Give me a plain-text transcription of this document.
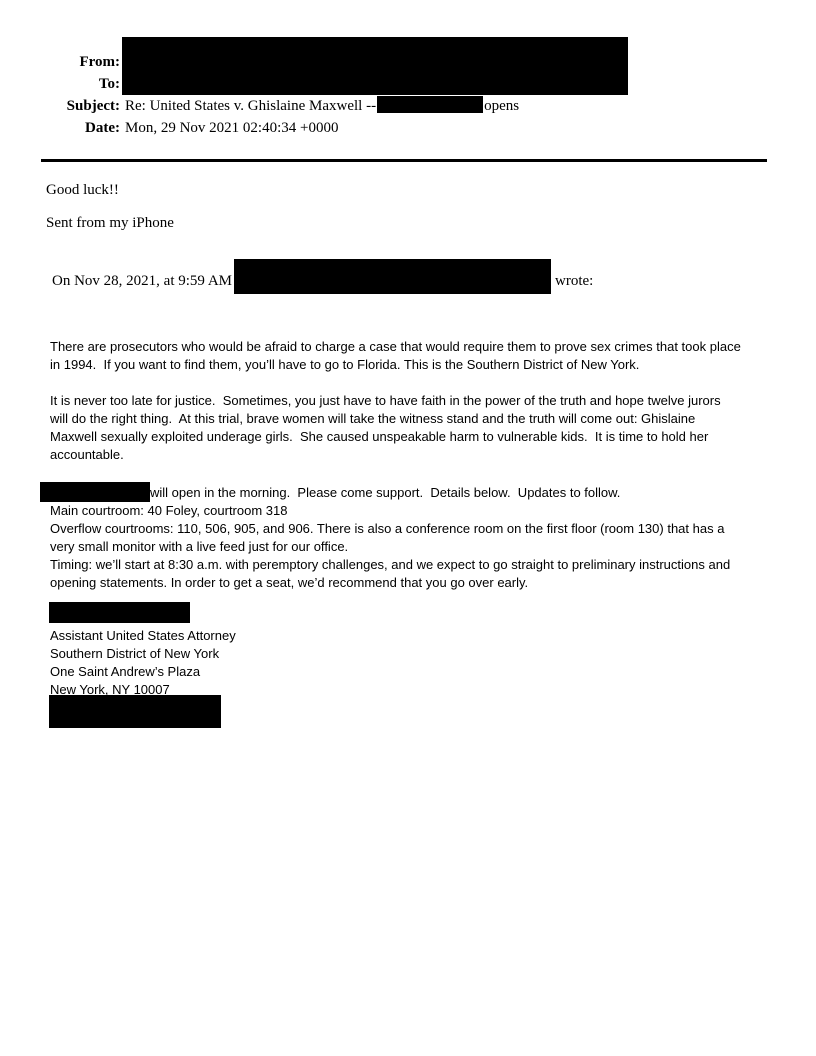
From:
To:
Subject: Re: United States v. Ghislaine Maxwell --	opens
Date: Mon, 29 Nov 2021 02:40:34 +0000
Good luck!!
Sent from my iPhone
On Nov 28, 2021, at 9:59 AM	wrote:
There are prosecutors who would be afraid to charge a case that would require them to prove sex crimes that took place
in 1994.  If you want to find them, you’ll have to go to Florida. This is the Southern District of New York.
It is never too late for justice.  Sometimes, you just have to have faith in the power of the truth and hope twelve jurors
will do the right thing.  At this trial, brave women will take the witness stand and the truth will come out: Ghislaine
Maxwell sexually exploited underage girls.  She caused unspeakable harm to vulnerable kids.  It is time to hold her
accountable.
will open in the morning.  Please come support.  Details below.  Updates to follow.
Main courtroom: 40 Foley, courtroom 318
Overflow courtrooms: 110, 506, 905, and 906. There is also a conference room on the first floor (room 130) that has a
very small monitor with a live feed just for our office.
Timing: we’ll start at 8:30 a.m. with peremptory challenges, and we expect to go straight to preliminary instructions and
opening statements. In order to get a seat, we’d recommend that you go over early.
Assistant United States Attorney
Southern District of New York
One Saint Andrew’s Plaza
New York, NY 10007
